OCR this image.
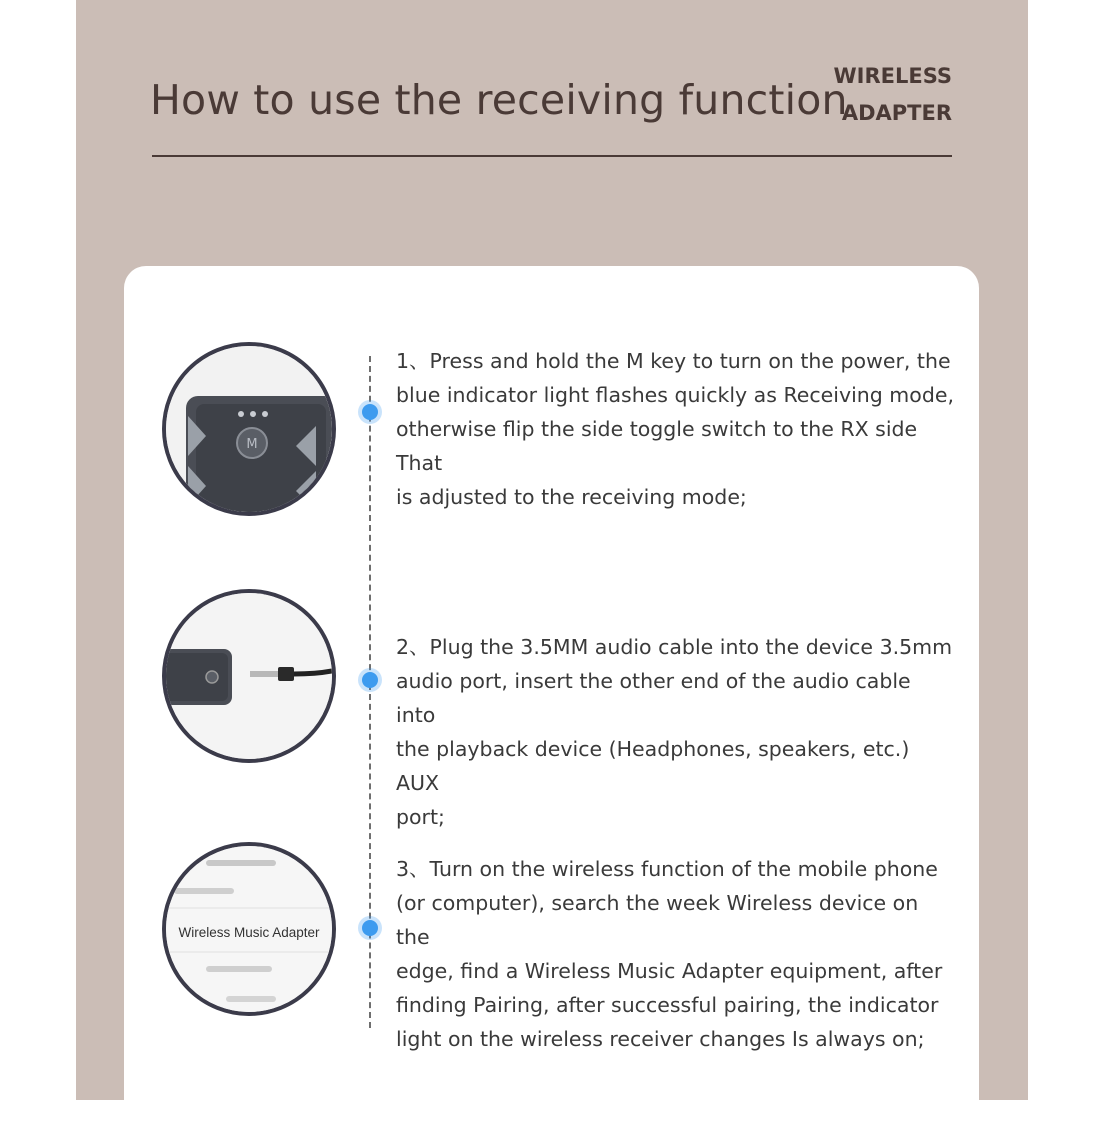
How to use the receiving function
WIRELESS
ADAPTER
M
Wireless Music Adapter
1、Press and hold the M key to turn on the power, the
blue indicator light flashes quickly as Receiving mode,
otherwise flip the side toggle switch to the RX side That
is adjusted to the receiving mode;
2、Plug the 3.5MM audio cable into the device 3.5mm
audio port, insert the other end of the audio cable into
the playback device (Headphones, speakers, etc.) AUX
port;
3、Turn on the wireless function of the mobile phone
(or computer), search the week Wireless device on the
edge, find a Wireless Music Adapter equipment, after
finding Pairing, after successful pairing, the indicator
light on the wireless receiver changes Is always on;
